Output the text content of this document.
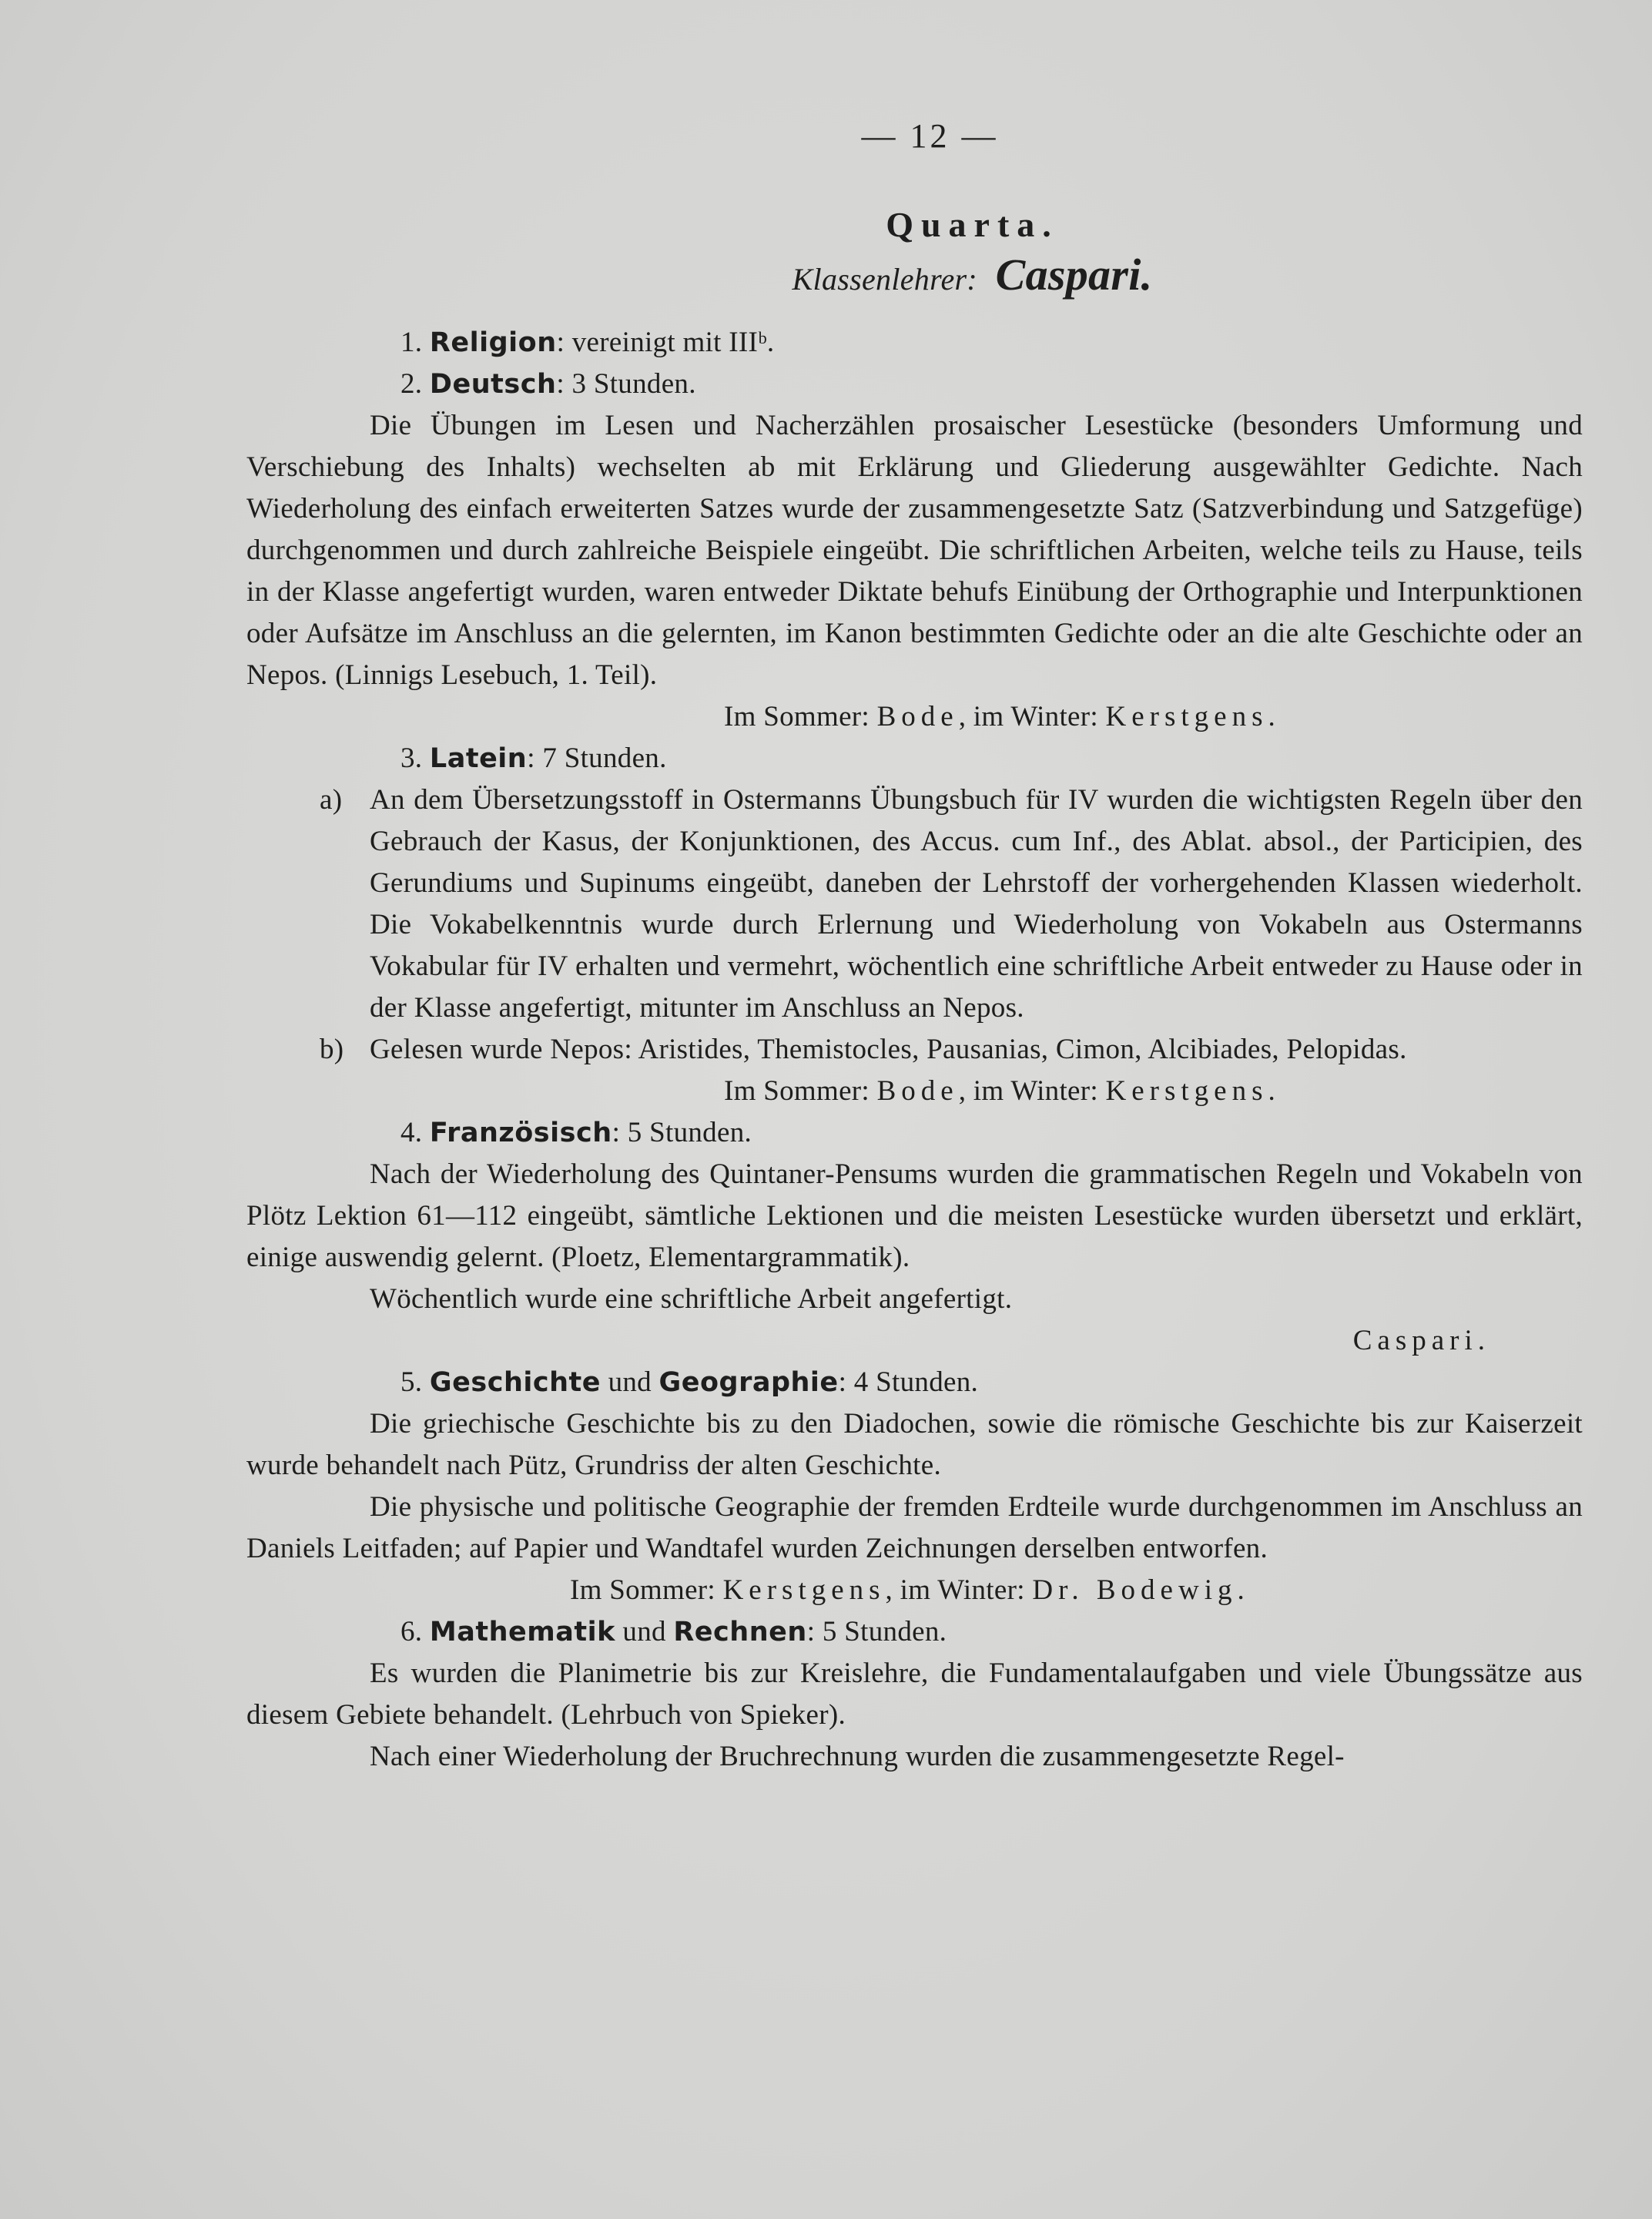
— 12 —
Quarta.
Klassenlehrer: Caspari.
1. Religion: vereinigt mit IIIᵇ.
2. Deutsch: 3 Stunden.

Die Übungen im Lesen und Nacherzählen prosaischer Lesestücke (besonders Umformung und Verschiebung des Inhalts) wechselten ab mit Erklärung und Gliederung ausgewählter Gedichte. Nach Wiederholung des einfach erweiterten Satzes wurde der zusammengesetzte Satz (Satzverbindung und Satzgefüge) durchgenommen und durch zahlreiche Beispiele eingeübt. Die schriftlichen Arbeiten, welche teils zu Hause, teils in der Klasse angefertigt wurden, waren entweder Diktate behufs Einübung der Orthographie und Interpunktionen oder Aufsätze im Anschluss an die gelernten, im Kanon bestimmten Gedichte oder an die alte Geschichte oder an Nepos. (Linnigs Lesebuch, 1. Teil).

Im Sommer: Bode, im Winter: Kerstgens.
3. Latein: 7 Stunden.
a) An dem Übersetzungsstoff in Ostermanns Übungsbuch für IV wurden die wichtigsten Regeln über den Gebrauch der Kasus, der Konjunktionen, des Accus. cum Inf., des Ablat. absol., der Participien, des Gerundiums und Supinums eingeübt, daneben der Lehrstoff der vorhergehenden Klassen wiederholt. Die Vokabelkenntnis wurde durch Erlernung und Wiederholung von Vokabeln aus Ostermanns Vokabular für IV erhalten und vermehrt, wöchentlich eine schriftliche Arbeit entweder zu Hause oder in der Klasse angefertigt, mitunter im Anschluss an Nepos.
b) Gelesen wurde Nepos: Aristides, Themistocles, Pausanias, Cimon, Alcibiades, Pelopidas.
Im Sommer: Bode, im Winter: Kerstgens.
4. Französisch: 5 Stunden.

Nach der Wiederholung des Quintaner-Pensums wurden die grammatischen Regeln und Vokabeln von Plötz Lektion 61—112 eingeübt, sämtliche Lektionen und die meisten Lesestücke wurden übersetzt und erklärt, einige auswendig gelernt. (Ploetz, Elementargrammatik).

Wöchentlich wurde eine schriftliche Arbeit angefertigt.

Caspari.
5. Geschichte und Geographie: 4 Stunden.

Die griechische Geschichte bis zu den Diadochen, sowie die römische Geschichte bis zur Kaiserzeit wurde behandelt nach Pütz, Grundriss der alten Geschichte.

Die physische und politische Geographie der fremden Erdteile wurde durchgenommen im Anschluss an Daniels Leitfaden; auf Papier und Wandtafel wurden Zeichnungen derselben entworfen.

Im Sommer: Kerstgens, im Winter: Dr. Bodewig.
6. Mathematik und Rechnen: 5 Stunden.

Es wurden die Planimetrie bis zur Kreislehre, die Fundamentalaufgaben und viele Übungssätze aus diesem Gebiete behandelt. (Lehrbuch von Spieker).

Nach einer Wiederholung der Bruchrechnung wurden die zusammengesetzte Regel-
